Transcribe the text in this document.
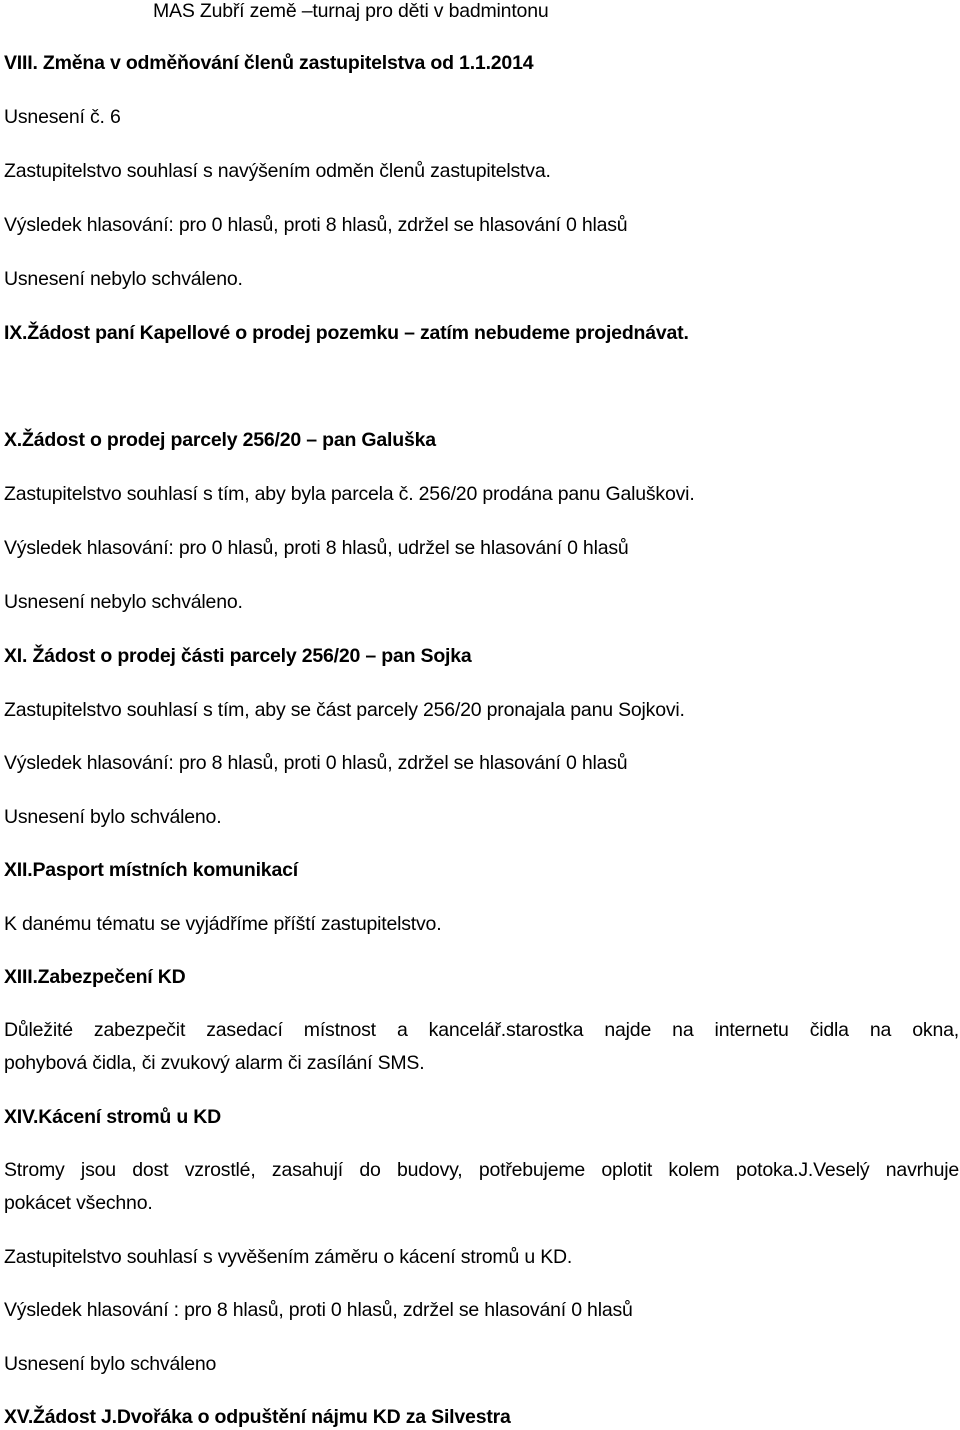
MAS Zubří země –turnaj pro děti v badmintonu

VIII. Změna v odměňování členů zastupitelstva od 1.1.2014

Usnesení č. 6

Zastupitelstvo souhlasí s navýšením odměn členů zastupitelstva.

Výsledek hlasování: pro 0 hlasů, proti 8 hlasů, zdržel se hlasování 0 hlasů

Usnesení nebylo schváleno.

IX.Žádost paní Kapellové o prodej pozemku – zatím nebudeme projednávat.

X.Žádost o prodej parcely 256/20 – pan Galuška

Zastupitelstvo souhlasí s tím, aby byla parcela č. 256/20 prodána panu Galuškovi.

Výsledek hlasování: pro 0 hlasů, proti 8 hlasů, udržel se hlasování 0 hlasů

Usnesení nebylo schváleno.

XI. Žádost o prodej části parcely 256/20 – pan Sojka

Zastupitelstvo souhlasí s tím, aby se část parcely 256/20 pronajala panu Sojkovi.

Výsledek hlasování: pro 8 hlasů, proti 0 hlasů, zdržel se hlasování 0 hlasů

Usnesení bylo schváleno.

XII.Pasport místních komunikací

K danému tématu se vyjádříme příští zastupitelstvo.

XIII.Zabezpečení KD

Důležité zabezpečit zasedací místnost a kancelář.starostka najde na internetu čidla na okna,

pohybová čidla, či zvukový alarm či zasílání SMS.

XIV.Kácení stromů u KD

Stromy jsou dost vzrostlé, zasahují do budovy, potřebujeme oplotit kolem potoka.J.Veselý navrhuje

pokácet všechno.

Zastupitelstvo souhlasí s vyvěšením záměru o kácení stromů u KD.

Výsledek hlasování : pro 8 hlasů, proti 0 hlasů, zdržel se hlasování 0 hlasů

Usnesení bylo schváleno

XV.Žádost J.Dvořáka o odpuštění nájmu KD za Silvestra
